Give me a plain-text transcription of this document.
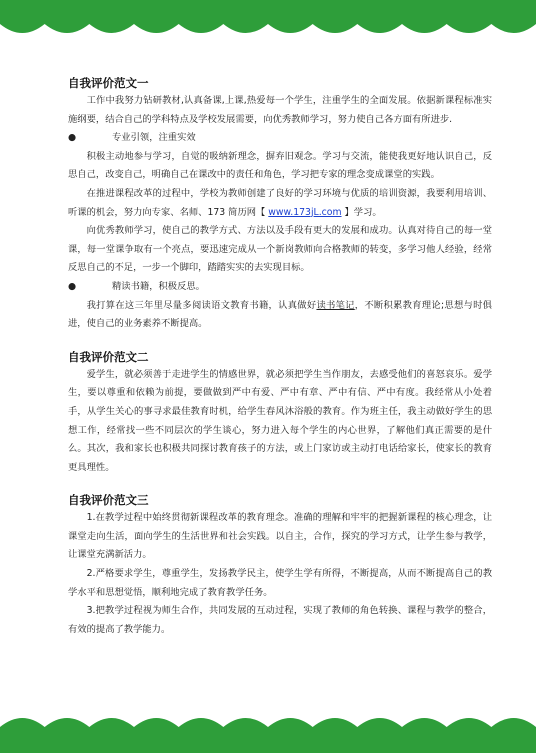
自我评价范文一

工作中我努力钻研教材,认真备课,上课,热爱每一个学生，注重学生的全面发展。依据新课程标准实施纲要，结合自己的学科特点及学校发展需要，向优秀教师学习，努力使自己各方面有所进步.

●	专业引领，注重实效

积极主动地参与学习，自觉的吸纳新理念，摒弃旧观念。学习与交流，能使我更好地认识自己，反思自己，改变自己，明确自己在课改中的责任和角色，学习把专家的理念变成课堂的实践。

在推进课程改革的过程中，学校为教师创建了良好的学习环境与优质的培训资源，我要利用培训、听课的机会，努力向专家、名师、173 简历网【 www.173jL.com 】学习。

向优秀教师学习，使自己的教学方式、方法以及手段有更大的发展和成功。认真对待自己的每一堂课，每一堂课争取有一个亮点，要迅速完成从一个新岗教师向合格教师的转变，多学习他人经验，经常反思自己的不足，一步一个脚印，踏踏实实的去实现目标。

●	精读书籍，积极反思。

我打算在这三年里尽量多阅读语文教育书籍，认真做好读书笔记，不断积累教育理论;思想与时俱进，使自己的业务素养不断提高。

自我评价范文二

爱学生，就必须善于走进学生的情感世界，就必须把学生当作朋友，去感受他们的喜怒哀乐。爱学生，要以尊重和依赖为前提，要做做到严中有爱、严中有章、严中有信、严中有度。我经常从小处着手，从学生关心的事寻求最佳教育时机，给学生春风沐浴般的教育。作为班主任，我主动做好学生的思想工作，经常找一些不同层次的学生谈心，努力进入每个学生的内心世界，了解他们真正需要的是什么。其次，我和家长也积极共同探讨教育孩子的方法，或上门家访或主动打电话给家长，使家长的教育更具理性。

自我评价范文三

1.在教学过程中始终贯彻新课程改革的教育理念。准确的理解和牢牢的把握新课程的核心理念，让课堂走向生活，面向学生的生活世界和社会实践。以自主，合作，探究的学习方式，让学生参与教学，让课堂充满新活力。

2.严格要求学生，尊重学生，发扬教学民主，使学生学有所得，不断提高，从而不断提高自己的教学水平和思想觉悟，顺利地完成了教育教学任务。

3.把教学过程视为师生合作，共同发展的互动过程，实现了教师的角色转换、课程与教学的整合，有效的提高了教学能力。
